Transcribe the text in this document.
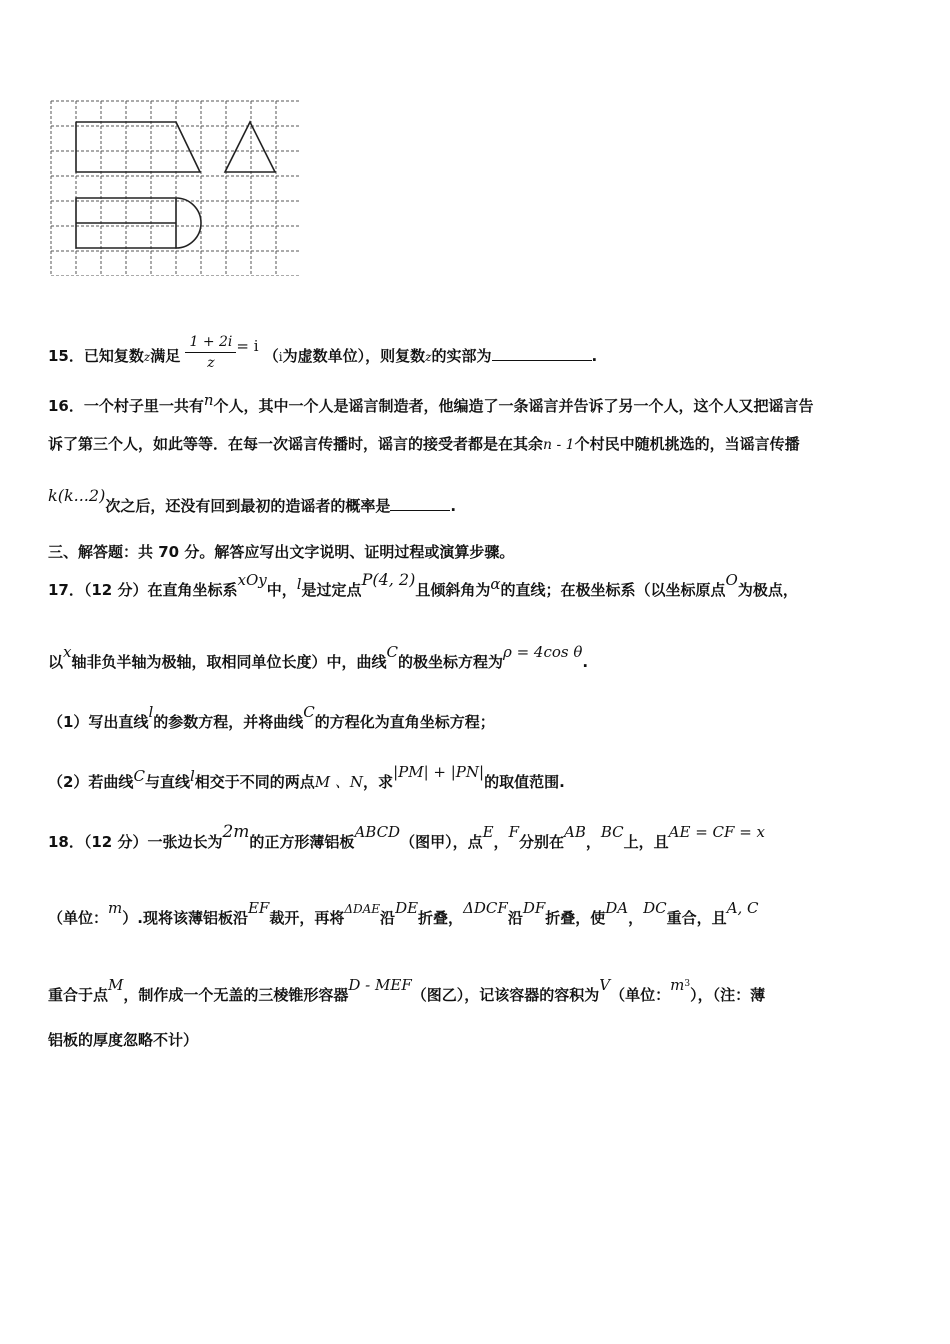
15．已知复数z满足 $\frac{1 + 2i}{z} = i$ （i为虚数单位），则复数z的实部为	.
16．一个村子里一共有n个人，其中一个人是谣言制造者，他编造了一条谣言并告诉了另一个人，这个人又把谣言告
诉了第三个人，如此等等．在每一次谣言传播时，谣言的接受者都是在其余n - 1个村民中随机挑选的，当谣言传播
k(k...2)次之后，还没有回到最初的造谣者的概率是	.
三、解答题：共 70 分。解答应写出文字说明、证明过程或演算步骤。
17．（12 分）在直角坐标系xOy中，l是过定点P(4, 2)且倾斜角为α的直线；在极坐标系（以坐标原点O为极点，
以x轴非负半轴为极轴，取相同单位长度）中，曲线C的极坐标方程为ρ = 4cos θ.
（1）写出直线l的参数方程，并将曲线C的方程化为直角坐标方程；
（2）若曲线C与直线l相交于不同的两点M 、N，求|PM| + |PN|的取值范围.
18．（12 分）一张边长为2m的正方形薄铝板ABCD（图甲），点E，F分别在AB，BC上，且AE = CF = x
（单位：m）.现将该薄铝板沿EF裁开，再将$^{\Delta DAE}$沿DE折叠，ΔDCF沿DF折叠，使DA，DC重合，且A, C
重合于点M，制作成一个无盖的三棱锥形容器D - MEF（图乙），记该容器的容积为V（单位：$m^3$），（注：薄
铝板的厚度忽略不计）
